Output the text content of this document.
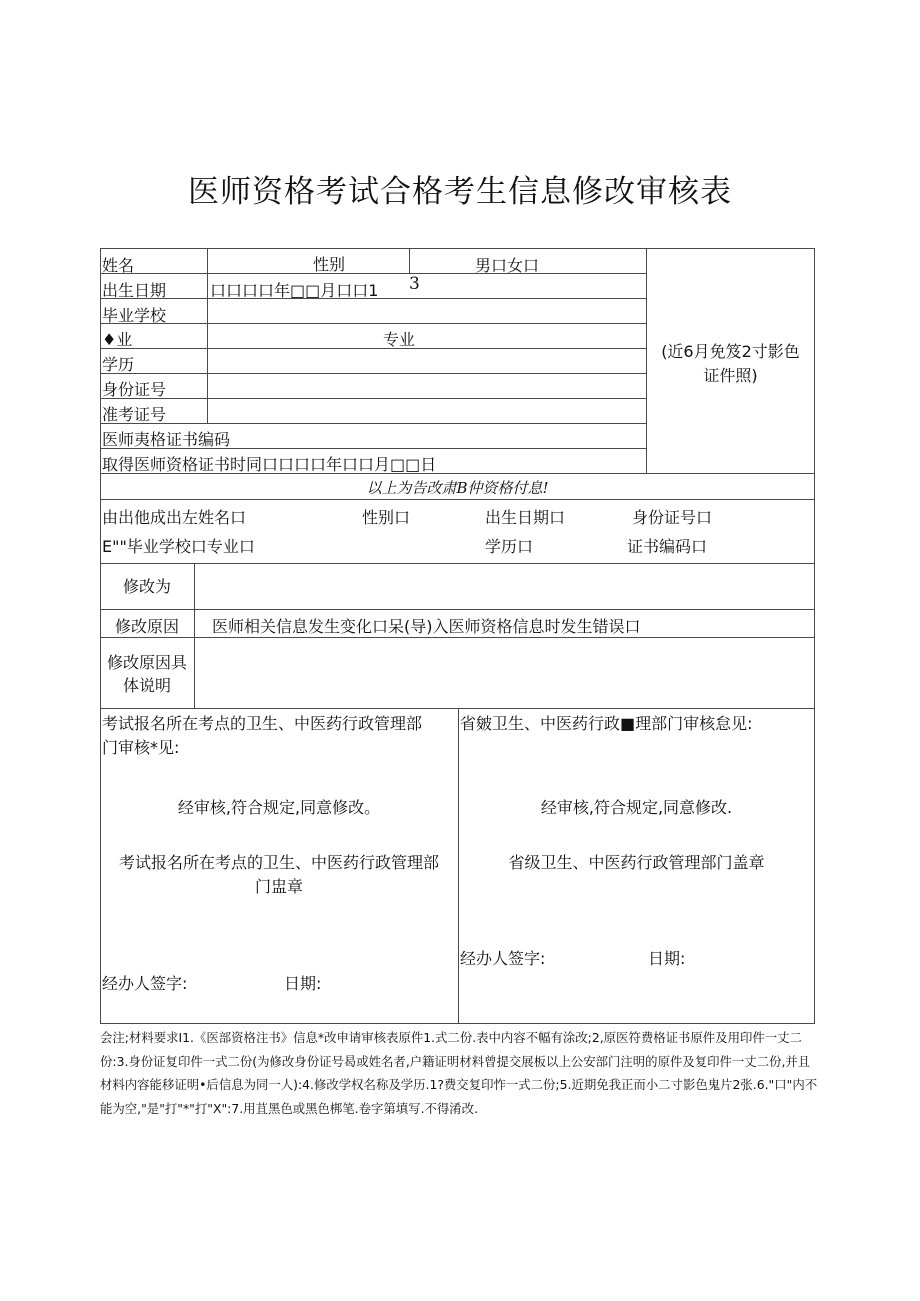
医师资格考试合格考生信息修改审核表
姓名	性别	男口女口
出生日期	口口口口年□□月口口1 3
毕业学校
♦业	专业
学历
身份证号
准考证号
医师夷格证书编码
取得医师资格证书时同口口口口年口口月□□日
(近6月免笈2寸影色
证件照)
以上为告改肃B仲资格付息!
由出他成出左姓名口	性别口	出生日期口	身份证号口
E""毕业学校口专业口	学历口	证书编码口
修改为
修改原因	医师相关信息发生变化口呆(导)入医师资格信息时发生错误口
修改原因具
体说明
考试报名所在考点的卫生、中医药行政管理部
门审核*见:
经审核,符合规定,同意修改。
考试报名所在考点的卫生、中医药行政管理部
门盅章
经办人签字:	日期:
省皴卫生、中医药行政■理部门审核怠见:
经审核,符合规定,同意修改.
省级卫生、中医药行政管理部门盖章
经办人签字:	日期:
会注;材料要求I1.《医部资格注书》信息*改申请审核表原件1.式二份.表中内容不幅有涂改;2,原医符费格证书原件及用印件一丈二份:3.身份证复印件一式二份(为修改身份证号曷或姓名者,户籍证明材料曾提交展板以上公安部门注明的原件及复印件一丈二份,并且材料内容能移证明•后信息为同一人):4.修改学权名称及学历.1?费交复印怍一式二份;5.近期免我正而小二寸影色鬼片2张.6."口"内不能为空,"是"打"*"打"X":7.用苴黑色或黑色梆笔.卷字第填写.不得淆改.
